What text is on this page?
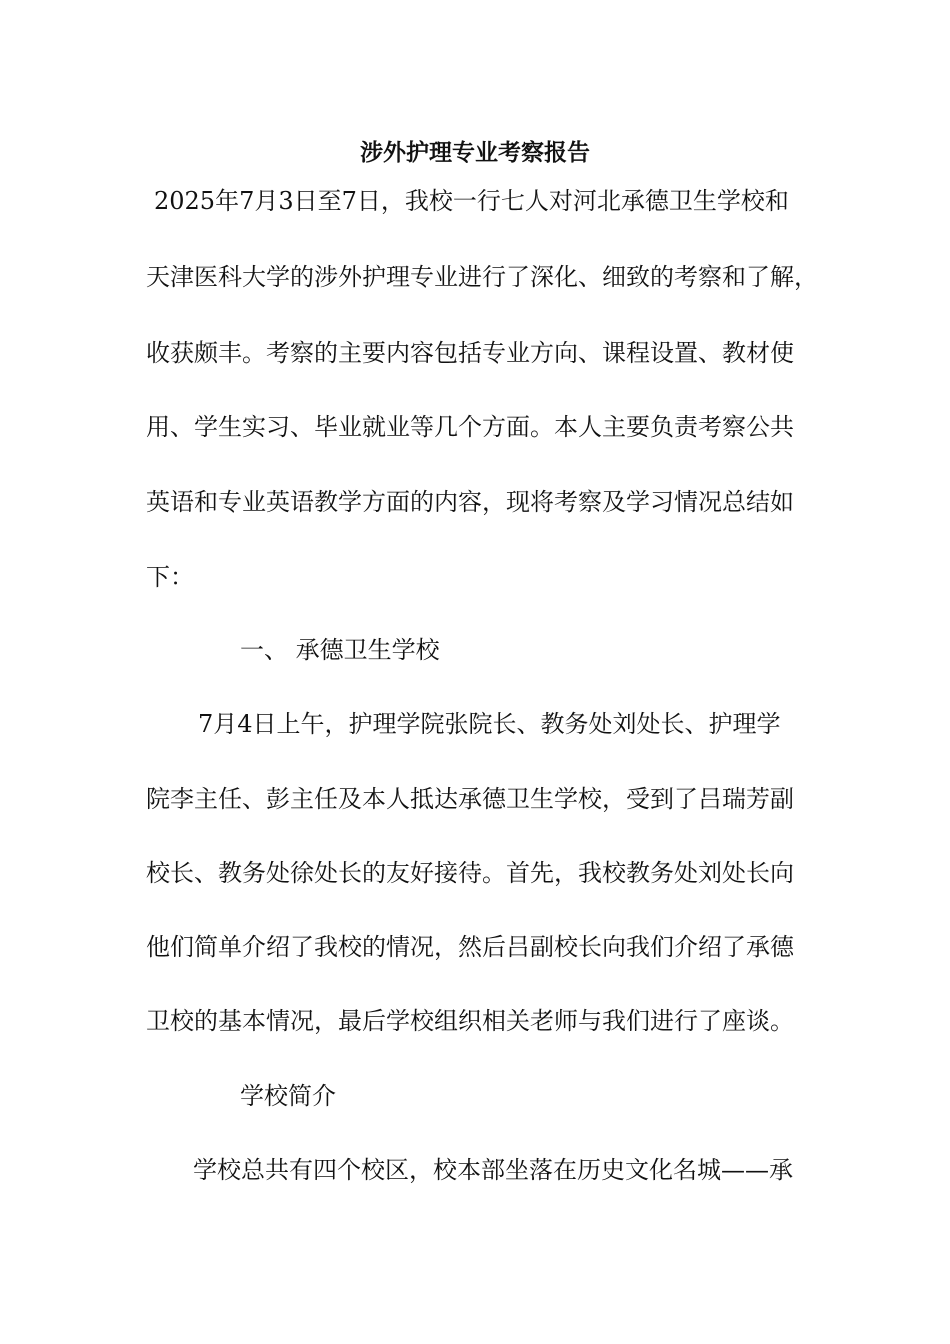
涉外护理专业考察报告

2025年7月3日至7日，我校一行七人对河北承德卫生学校和

天津医科大学的涉外护理专业进行了深化、细致的考察和了解，

收获颇丰。考察的主要内容包括专业方向、课程设置、教材使

用、学生实习、毕业就业等几个方面。本人主要负责考察公共

英语和专业英语教学方面的内容，现将考察及学习情况总结如

下：

一、 承德卫生学校

7月4日上午，护理学院张院长、教务处刘处长、护理学

院李主任、彭主任及本人抵达承德卫生学校，受到了吕瑞芳副

校长、教务处徐处长的友好接待。首先，我校教务处刘处长向

他们简单介绍了我校的情况，然后吕副校长向我们介绍了承德

卫校的基本情况，最后学校组织相关老师与我们进行了座谈。

学校简介

学校总共有四个校区，校本部坐落在历史文化名城——承
